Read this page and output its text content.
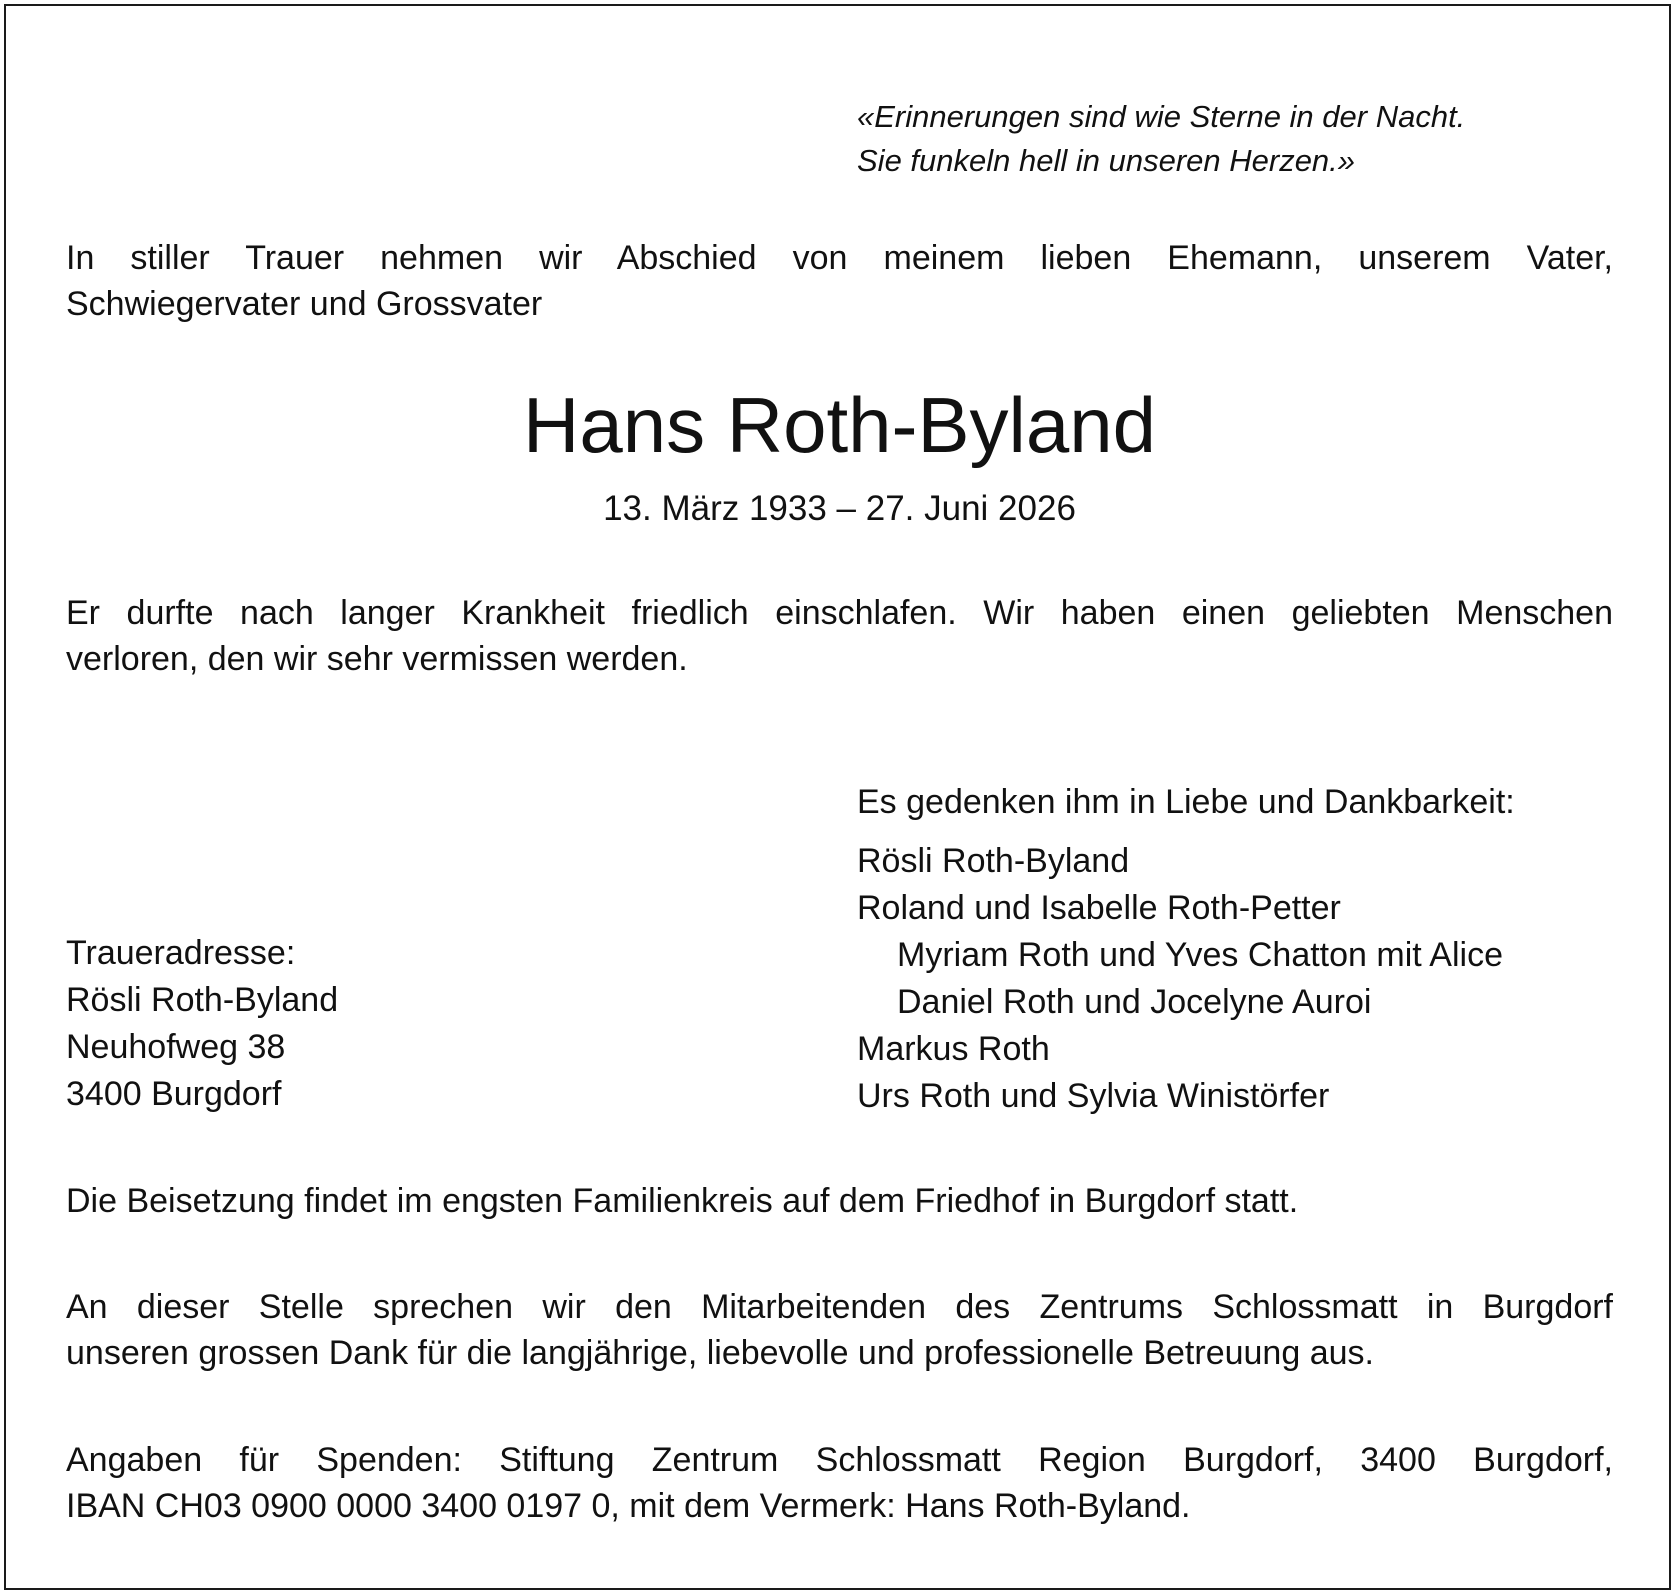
«Erinnerungen sind wie Sterne in der Nacht.
Sie funkeln hell in unseren Herzen.»

In stiller Trauer nehmen wir Abschied von meinem lieben Ehemann, unserem Vater,
Schwiegervater und Grossvater

Hans Roth-Byland

13. März 1933 – 27. Juni 2026

Er durfte nach langer Krankheit friedlich einschlafen. Wir haben einen geliebten Menschen
verloren, den wir sehr vermissen werden.

Es gedenken ihm in Liebe und Dankbarkeit:
Rösli Roth-Byland
Roland und Isabelle Roth-Petter
Myriam Roth und Yves Chatton mit Alice
Daniel Roth und Jocelyne Auroi
Markus Roth
Urs Roth und Sylvia Winistörfer
Traueradresse:
Rösli Roth-Byland
Neuhofweg 38
3400 Burgdorf

Die Beisetzung findet im engsten Familienkreis auf dem Friedhof in Burgdorf statt.

An dieser Stelle sprechen wir den Mitarbeitenden des Zentrums Schlossmatt in Burgdorf
unseren grossen Dank für die langjährige, liebevolle und professionelle Betreuung aus.

Angaben für Spenden: Stiftung Zentrum Schlossmatt Region Burgdorf, 3400 Burgdorf,
IBAN CH03 0900 0000 3400 0197 0, mit dem Vermerk: Hans Roth-Byland.
